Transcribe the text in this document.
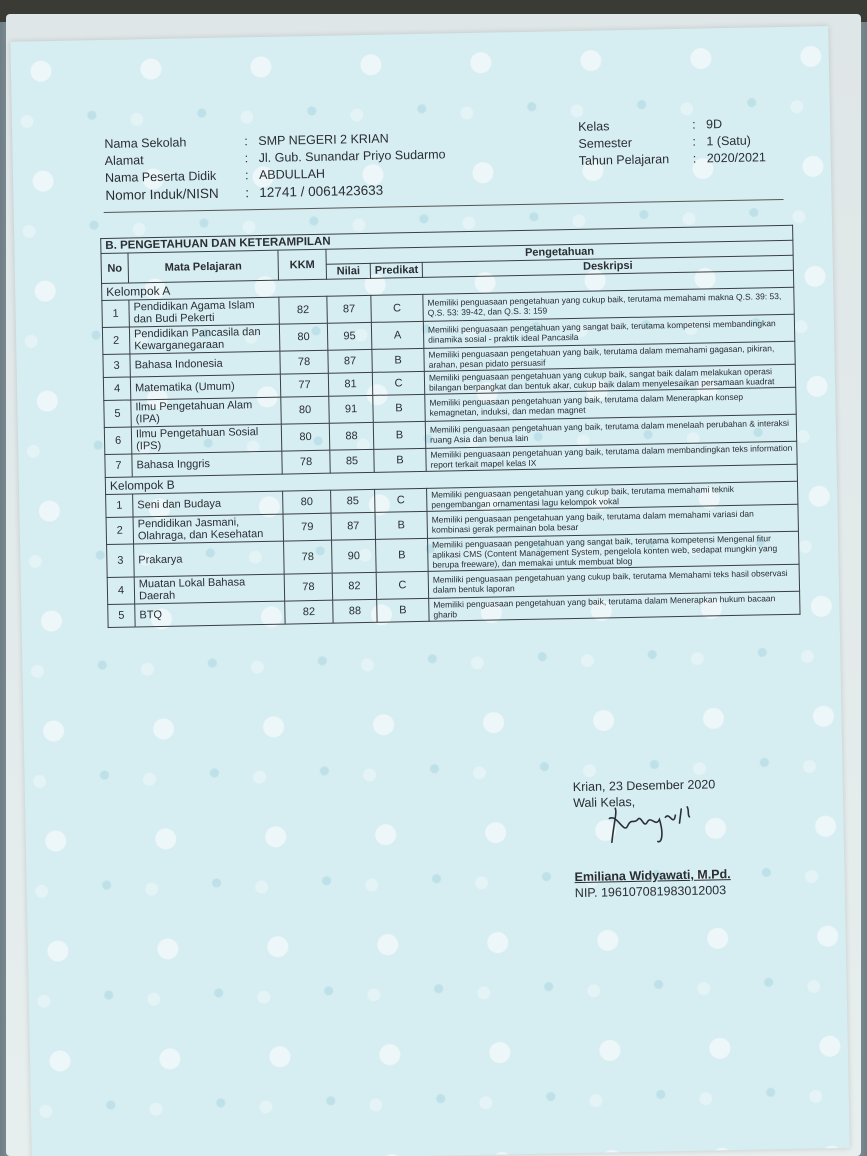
Nama Sekolah	: SMP NEGERI 2 KRIAN
Alamat	: Jl. Gub. Sunandar Priyo Sudarmo
Nama Peserta Didik	: ABDULLAH
Nomor Induk/NISN	: 12741 / 0061423633
Kelas	: 9D
Semester	: 1 (Satu)
Tahun Pelajaran	: 2020/2021
B. PENGETAHUAN DAN KETERAMPILAN					
No	Mata Pelajaran	KKM	Pengetahuan		
			Nilai	Predikat	Deskripsi
Kelompok A					
1	Pendidikan Agama Islam dan Budi Pekerti	82	87	C	Memiliki penguasaan pengetahuan yang cukup baik, terutama memahami makna Q.S. 39: 53, Q.S. 53: 39-42, dan Q.S. 3: 159
2	Pendidikan Pancasila dan Kewarganegaraan	80	95	A	Memiliki penguasaan pengetahuan yang sangat baik, terutama kompetensi membandingkan dinamika sosial - praktik ideal Pancasila
3	Bahasa Indonesia	78	87	B	Memiliki penguasaan pengetahuan yang baik, terutama dalam memahami gagasan, pikiran, arahan, pesan pidato persuasif
4	Matematika (Umum)	77	81	C	Memiliki penguasaan pengetahuan yang cukup baik, sangat baik dalam melakukan operasi bilangan berpangkat dan bentuk akar, cukup baik dalam menyelesaikan persamaan kuadrat
5	Ilmu Pengetahuan Alam (IPA)	80	91	B	Memiliki penguasaan pengetahuan yang baik, terutama dalam Menerapkan konsep kemagnetan, induksi, dan medan magnet
6	Ilmu Pengetahuan Sosial (IPS)	80	88	B	Memiliki penguasaan pengetahuan yang baik, terutama dalam menelaah perubahan & interaksi ruang Asia dan benua lain
7	Bahasa Inggris	78	85	B	Memiliki penguasaan pengetahuan yang baik, terutama dalam membandingkan teks information report terkait mapel kelas IX
Kelompok B					
1	Seni dan Budaya	80	85	C	Memiliki penguasaan pengetahuan yang cukup baik, terutama memahami teknik pengembangan ornamentasi lagu kelompok vokal
2	Pendidikan Jasmani, Olahraga, dan Kesehatan	79	87	B	Memiliki penguasaan pengetahuan yang baik, terutama dalam memahami variasi dan kombinasi gerak permainan bola besar
3	Prakarya	78	90	B	Memiliki penguasaan pengetahuan yang sangat baik, terutama kompetensi Mengenal fitur aplikasi CMS (Content Management System, pengelola konten web, sedapat mungkin yang berupa freeware), dan memakai untuk membuat blog
4	Muatan Lokal Bahasa Daerah	78	82	C	Memiliki penguasaan pengetahuan yang cukup baik, terutama Memahami teks hasil observasi dalam bentuk laporan
5	BTQ	82	88	B	Memiliki penguasaan pengetahuan yang baik, terutama dalam Menerapkan hukum bacaan gharib
Krian, 23 Desember 2020
Wali Kelas,
Emiliana Widyawati, M.Pd.
NIP. 196107081983012003
